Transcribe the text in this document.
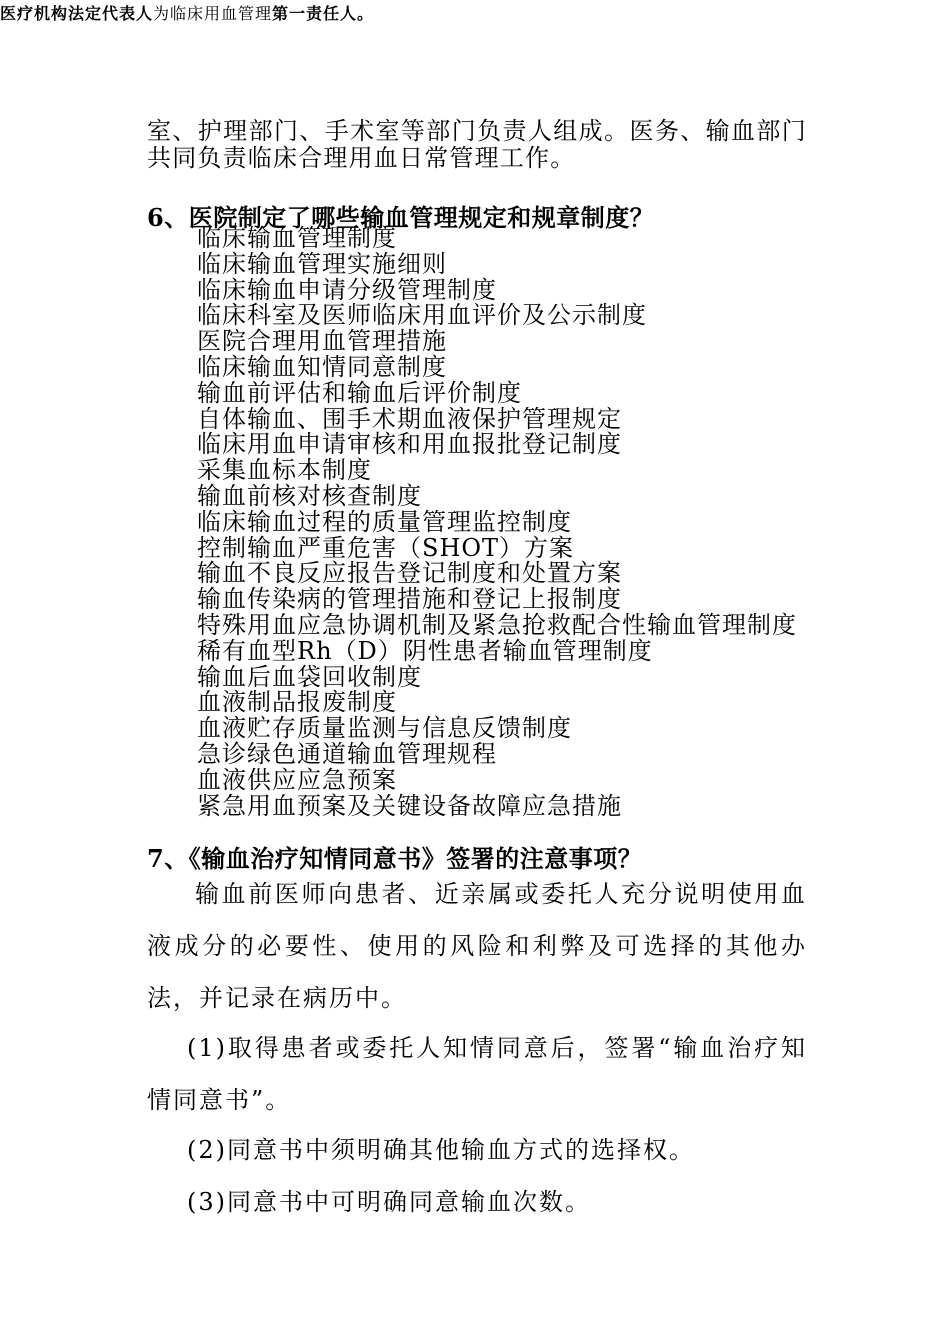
室、护理部门、手术室等部门负责人组成。医务、输血部门共同负责临床合理用血日常管理工作。
医疗机构法定代表人为临床用血管理第一责任人。
6、医院制定了哪些输血管理规定和规章制度？
临床输血管理制度
临床输血管理实施细则
临床输血申请分级管理制度
临床科室及医师临床用血评价及公示制度
医院合理用血管理措施
临床输血知情同意制度
输血前评估和输血后评价制度
自体输血、围手术期血液保护管理规定
临床用血申请审核和用血报批登记制度
采集血标本制度
输血前核对核查制度
临床输血过程的质量管理监控制度
控制输血严重危害（SHOT）方案
输血不良反应报告登记制度和处置方案
输血传染病的管理措施和登记上报制度
特殊用血应急协调机制及紧急抢救配合性输血管理制度
稀有血型Rh（D）阴性患者输血管理制度
输血后血袋回收制度
血液制品报废制度
血液贮存质量监测与信息反馈制度
急诊绿色通道输血管理规程
血液供应应急预案
紧急用血预案及关键设备故障应急措施
7、《输血治疗知情同意书》签署的注意事项？
输血前医师向患者、近亲属或委托人充分说明使用血液成分的必要性、使用的风险和利弊及可选择的其他办法，并记录在病历中。
(1)取得患者或委托人知情同意后，签署“输血治疗知情同意书”。
(2)同意书中须明确其他输血方式的选择权。
(3)同意书中可明确同意输血次数。
